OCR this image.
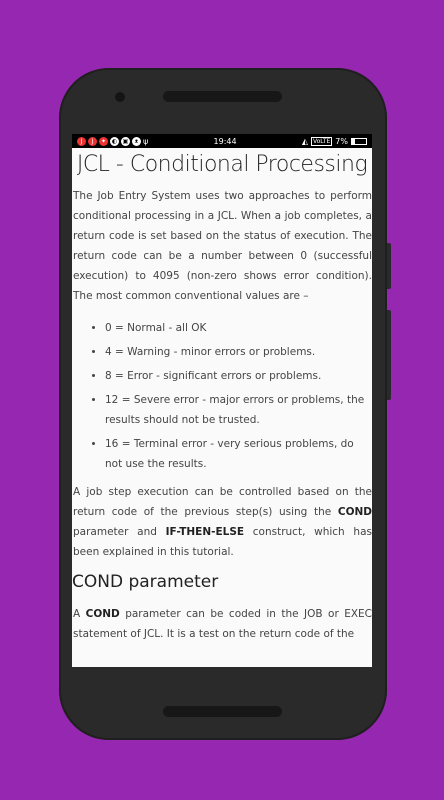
J	J	✦ ◐ ▣	ᴥ ψ	19:44	◭ VoLTE 7%
JCL - Conditional Processing

The Job Entry System uses two approaches to perform conditional processing in a JCL. When a job completes, a return code is set based on the status of execution. The return code can be a number between 0 (successful execution) to 4095 (non-zero shows error condition). The most common conventional values are –

• 0 = Normal - all OK
• 4 = Warning - minor errors or problems.
• 8 = Error - significant errors or problems.
• 12 = Severe error - major errors or problems, the results should not be trusted.
• 16 = Terminal error - very serious problems, do not use the results.

A job step execution can be controlled based on the return code of the previous step(s) using the COND parameter and IF-THEN-ELSE construct, which has been explained in this tutorial.

COND parameter

A COND parameter can be coded in the JOB or EXEC statement of JCL. It is a test on the return code of the
